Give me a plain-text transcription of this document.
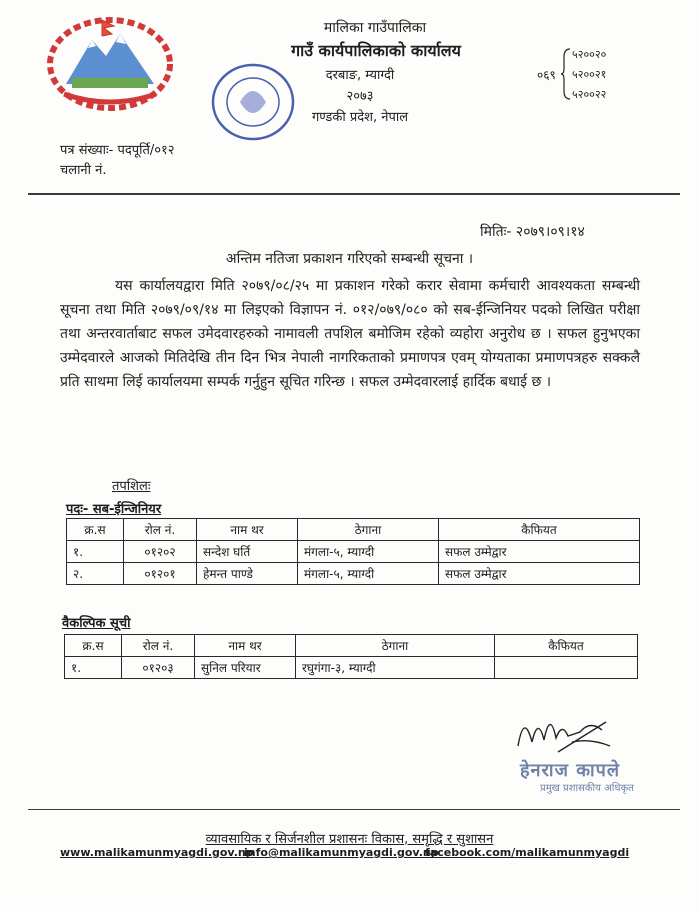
मालिका गाउँपालिका
गाउँ कार्यपालिकाको कार्यालय
दरबाङ, म्याग्दी
२०७३
गण्डकी प्रदेश, नेपाल
०६९
५२००२०
५२००२१
५२००२२
पत्र संख्याः- पदपूर्ति/०१२
चलानी नं.
मितिः- २०७९।०९।१४
अन्तिम नतिजा प्रकाशन गरिएको सम्बन्धी सूचना ।
यस कार्यालयद्वारा मिति २०७९/०८/२५ मा प्रकाशन गरेको करार सेवामा कर्मचारी आवश्यकता सम्बन्धी सूचना तथा मिति २०७९/०९/१४ मा लिइएको विज्ञापन नं. ०१२/०७९/०८० को सब-ईन्जिनियर पदको लिखित परीक्षा तथा अन्तरवार्ताबाट सफल उमेदवारहरुको नामावली तपशिल बमोजिम रहेको व्यहोरा अनुरोध छ । सफल हुनुभएका उम्मेदवारले आजको मितिदेखि तीन दिन भित्र नेपाली नागरिकताको प्रमाणपत्र एवम् योग्यताका प्रमाणपत्रहरु सक्कलै प्रति साथमा लिई कार्यालयमा सम्पर्क गर्नुहुन सूचित गरिन्छ । सफल उम्मेदवारलाई हार्दिक बधाई छ ।
तपशिलः
पदः- सब-ईन्जिनियर
क्र.स	रोल नं.	नाम थर	ठेगाना	कैफियत
१.	०१२०२	सन्देश घर्ति	मंगला-५, म्याग्दी	सफल उम्मेद्वार
२.	०१२०१	हेमन्त पाण्डे	मंगला-५, म्याग्दी	सफल उम्मेद्वार
वैकल्पिक सूची
क्र.स	रोल नं.	नाम थर	ठेगाना	कैफियत
१.	०१२०३	सुनिल परियार	रघुगंगा-३, म्याग्दी	
हेनराज कापले
प्रमुख प्रशासकीय अधिकृत
व्यावसायिक र सिर्जनशील प्रशासनः विकास, समृद्धि र सुशासन
www.malikamunmyagdi.gov.np
info@malikamunmyagdi.gov.np
facebook.com/malikamunmyagdi
